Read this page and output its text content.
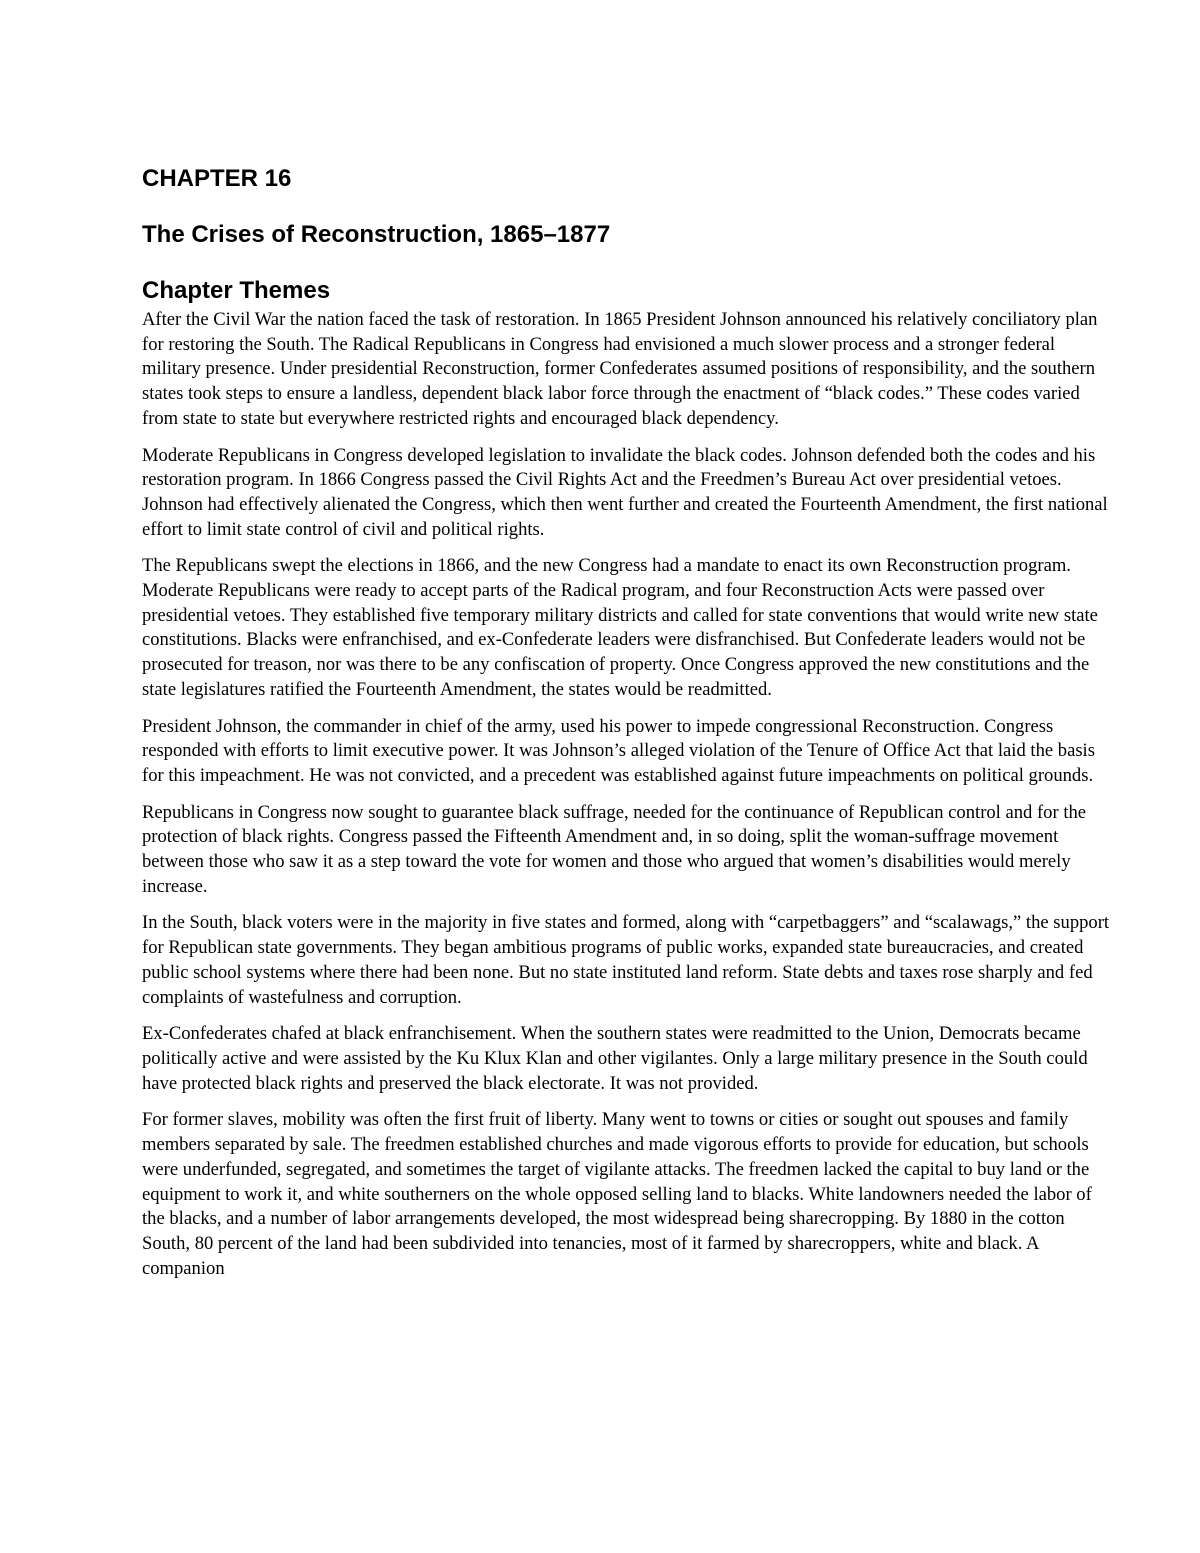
CHAPTER 16
The Crises of Reconstruction, 1865–1877
Chapter Themes

After the Civil War the nation faced the task of restoration. In 1865 President Johnson announced his relatively conciliatory plan for restoring the South. The Radical Republicans in Congress had envisioned a much slower process and a stronger federal military presence. Under presidential Reconstruction, former Confederates assumed positions of responsibility, and the southern states took steps to ensure a landless, dependent black labor force through the enactment of “black codes.” These codes varied from state to state but everywhere restricted rights and encouraged black dependency.

Moderate Republicans in Congress developed legislation to invalidate the black codes. Johnson defended both the codes and his restoration program. In 1866 Congress passed the Civil Rights Act and the Freedmen’s Bureau Act over presidential vetoes. Johnson had effectively alienated the Congress, which then went further and created the Fourteenth Amendment, the first national effort to limit state control of civil and political rights.

The Republicans swept the elections in 1866, and the new Congress had a mandate to enact its own Reconstruction program. Moderate Republicans were ready to accept parts of the Radical program, and four Reconstruction Acts were passed over presidential vetoes. They established five temporary military districts and called for state conventions that would write new state constitutions. Blacks were enfranchised, and ex-Confederate leaders were disfranchised. But Confederate leaders would not be prosecuted for treason, nor was there to be any confiscation of property. Once Congress approved the new constitutions and the state legislatures ratified the Fourteenth Amendment, the states would be readmitted.

President Johnson, the commander in chief of the army, used his power to impede congressional Reconstruction. Congress responded with efforts to limit executive power. It was Johnson’s alleged violation of the Tenure of Office Act that laid the basis for this impeachment. He was not convicted, and a precedent was established against future impeachments on political grounds.

Republicans in Congress now sought to guarantee black suffrage, needed for the continuance of Republican control and for the protection of black rights. Congress passed the Fifteenth Amendment and, in so doing, split the woman-suffrage movement between those who saw it as a step toward the vote for women and those who argued that women’s disabilities would merely increase.

In the South, black voters were in the majority in five states and formed, along with “carpetbaggers” and “scalawags,” the support for Republican state governments. They began ambitious programs of public works, expanded state bureaucracies, and created public school systems where there had been none. But no state instituted land reform. State debts and taxes rose sharply and fed complaints of wastefulness and corruption.

Ex-Confederates chafed at black enfranchisement. When the southern states were readmitted to the Union, Democrats became politically active and were assisted by the Ku Klux Klan and other vigilantes. Only a large military presence in the South could have protected black rights and preserved the black electorate. It was not provided.

For former slaves, mobility was often the first fruit of liberty. Many went to towns or cities or sought out spouses and family members separated by sale. The freedmen established churches and made vigorous efforts to provide for education, but schools were underfunded, segregated, and sometimes the target of vigilante attacks. The freedmen lacked the capital to buy land or the equipment to work it, and white southerners on the whole opposed selling land to blacks. White landowners needed the labor of the blacks, and a number of labor arrangements developed, the most widespread being sharecropping. By 1880 in the cotton South, 80 percent of the land had been subdivided into tenancies, most of it farmed by sharecroppers, white and black. A companion
